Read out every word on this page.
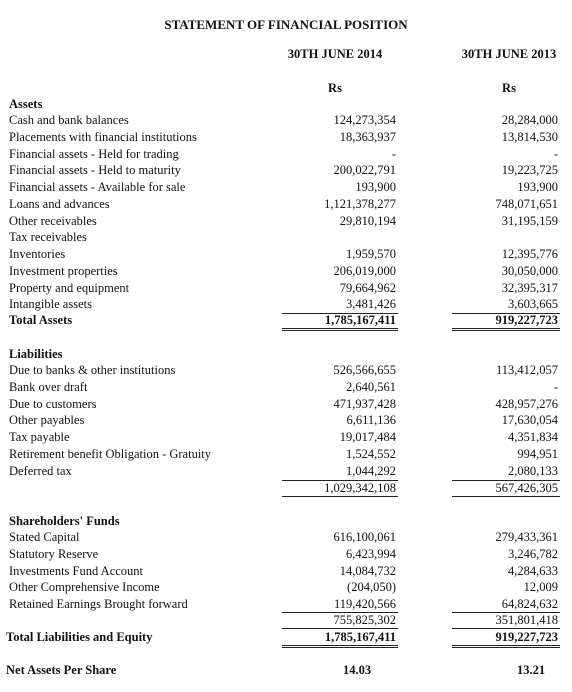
STATEMENT OF FINANCIAL POSITION
30TH JUNE 2014	30TH JUNE 2013
Rs	Rs
Assets
Cash and bank balances	124,273,354	28,284,000
Placements with financial institutions	18,363,937	13,814,530
Financial assets - Held for trading	-	-
Financial assets - Held to maturity	200,022,791	19,223,725
Financial assets - Available for sale	193,900	193,900
Loans and advances	1,121,378,277	748,071,651
Other receivables	29,810,194	31,195,159
Tax receivables
Inventories	1,959,570	12,395,776
Investment properties	206,019,000	30,050,000
Property and equipment	79,664,962	32,395,317
Intangible assets	3,481,426	3,603,665
Total Assets	1,785,167,411	919,227,723
Liabilities
Due to banks & other institutions	526,566,655	113,412,057
Bank over draft	2,640,561	-
Due to customers	471,937,428	428,957,276
Other payables	6,611,136	17,630,054
Tax payable	19,017,484	4,351,834
Retirement benefit Obligation - Gratuity	1,524,552	994,951
Deferred tax	1,044,292	2,080,133
1,029,342,108	567,426,305
Shareholders' Funds
Stated Capital	616,100,061	279,433,361
Statutory Reserve	6,423,994	3,246,782
Investments Fund Account	14,084,732	4,284,633
Other Comprehensive Income	(204,050)	12,009
Retained Earnings Brought forward	119,420,566	64,824,632
755,825,302	351,801,418
Total Liabilities and Equity	1,785,167,411	919,227,723
Net Assets Per Share	14.03	13.21
